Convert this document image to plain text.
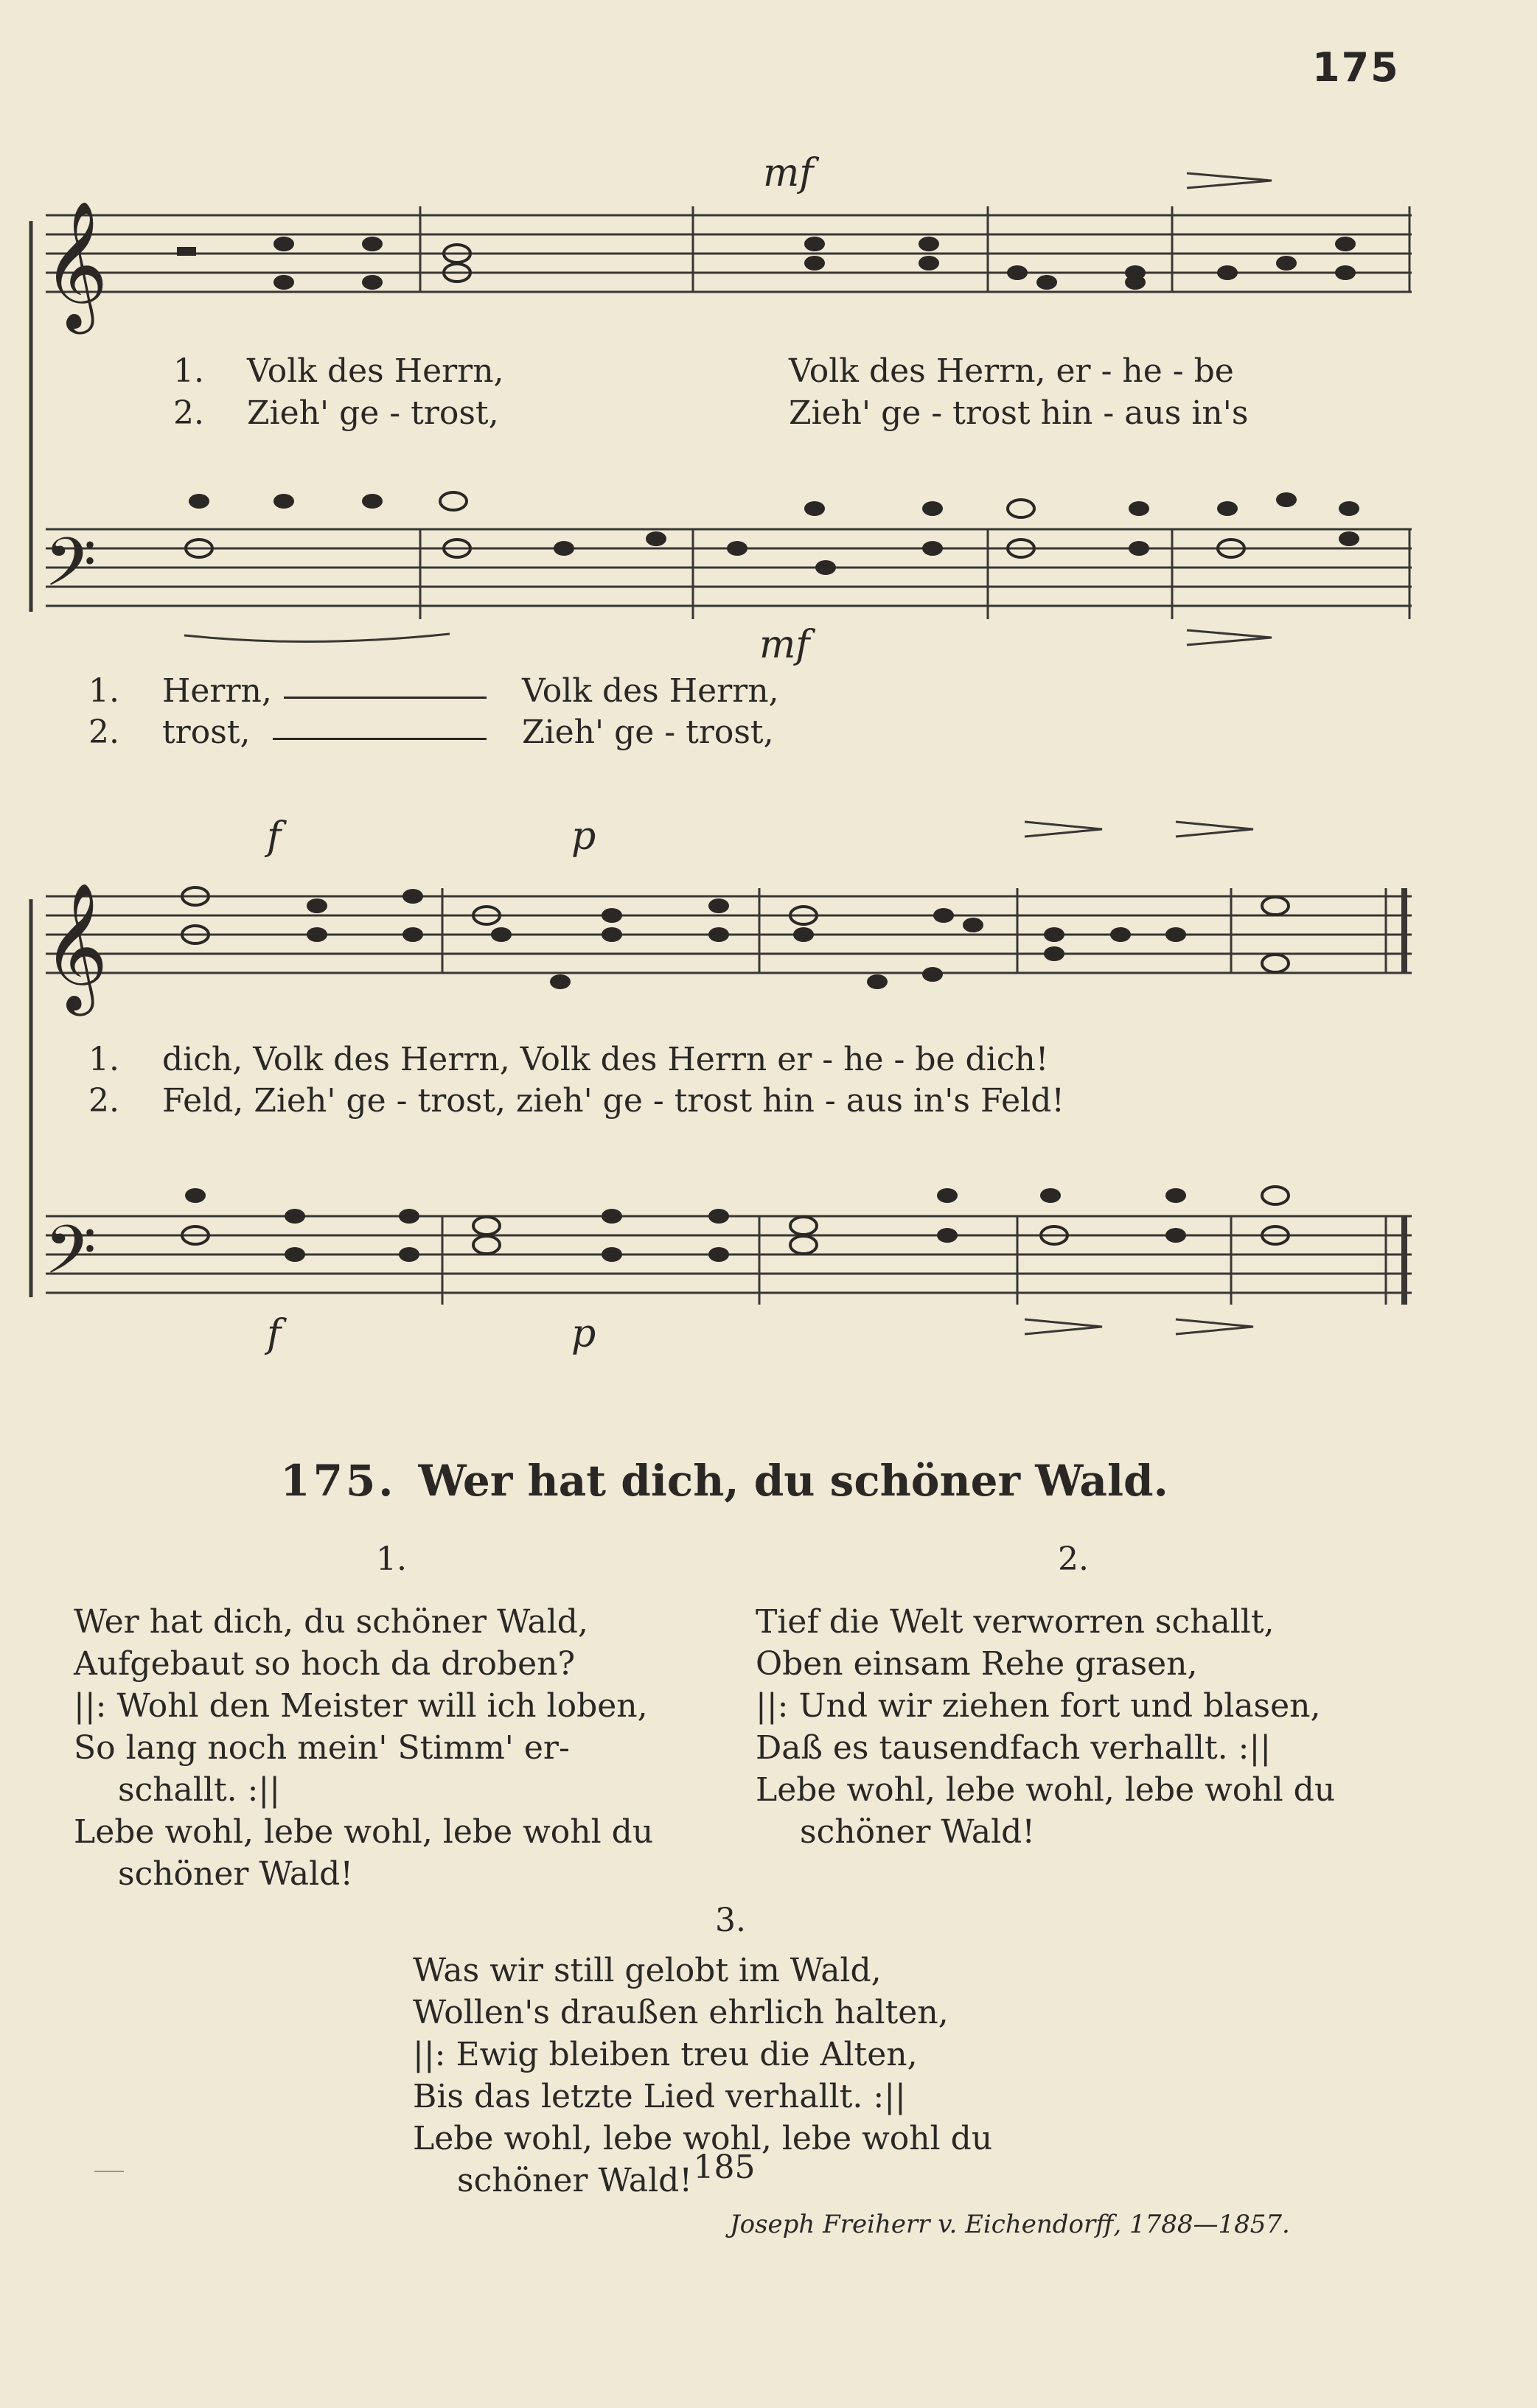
175
𝄞
𝄢
mf
mf
1. Volk des Herrn,	Volk des Herrn, er - he - be
2. Zieh' ge - trost,	Zieh' ge - trost hin - aus in's
1. Herrn,	Volk des Herrn,
2. trost,	Zieh' ge - trost,
𝄞
𝄢
f	p
f	p
1. dich, Volk des Herrn, Volk des Herrn er - he - be dich!
2. Feld, Zieh' ge - trost, zieh' ge - trost hin - aus in's Feld!
175. Wer hat dich, du schöner Wald.
1.	2.
Wer hat dich, du schöner Wald,
Aufgebaut so hoch da droben?
||: Wohl den Meister will ich loben,
So lang noch mein' Stimm' er-
schallt. :||
Lebe wohl, lebe wohl, lebe wohl du
schöner Wald!
Tief die Welt verworren schallt,
Oben einsam Rehe grasen,
||: Und wir ziehen fort und blasen,
Daß es tausendfach verhallt. :||
Lebe wohl, lebe wohl, lebe wohl du
schöner Wald!
3.
Was wir still gelobt im Wald,
Wollen's draußen ehrlich halten,
||: Ewig bleiben treu die Alten,
Bis das letzte Lied verhallt. :||
Lebe wohl, lebe wohl, lebe wohl du
schöner Wald!
Joseph Freiherr v. Eichendorff, 1788—1857.
185
